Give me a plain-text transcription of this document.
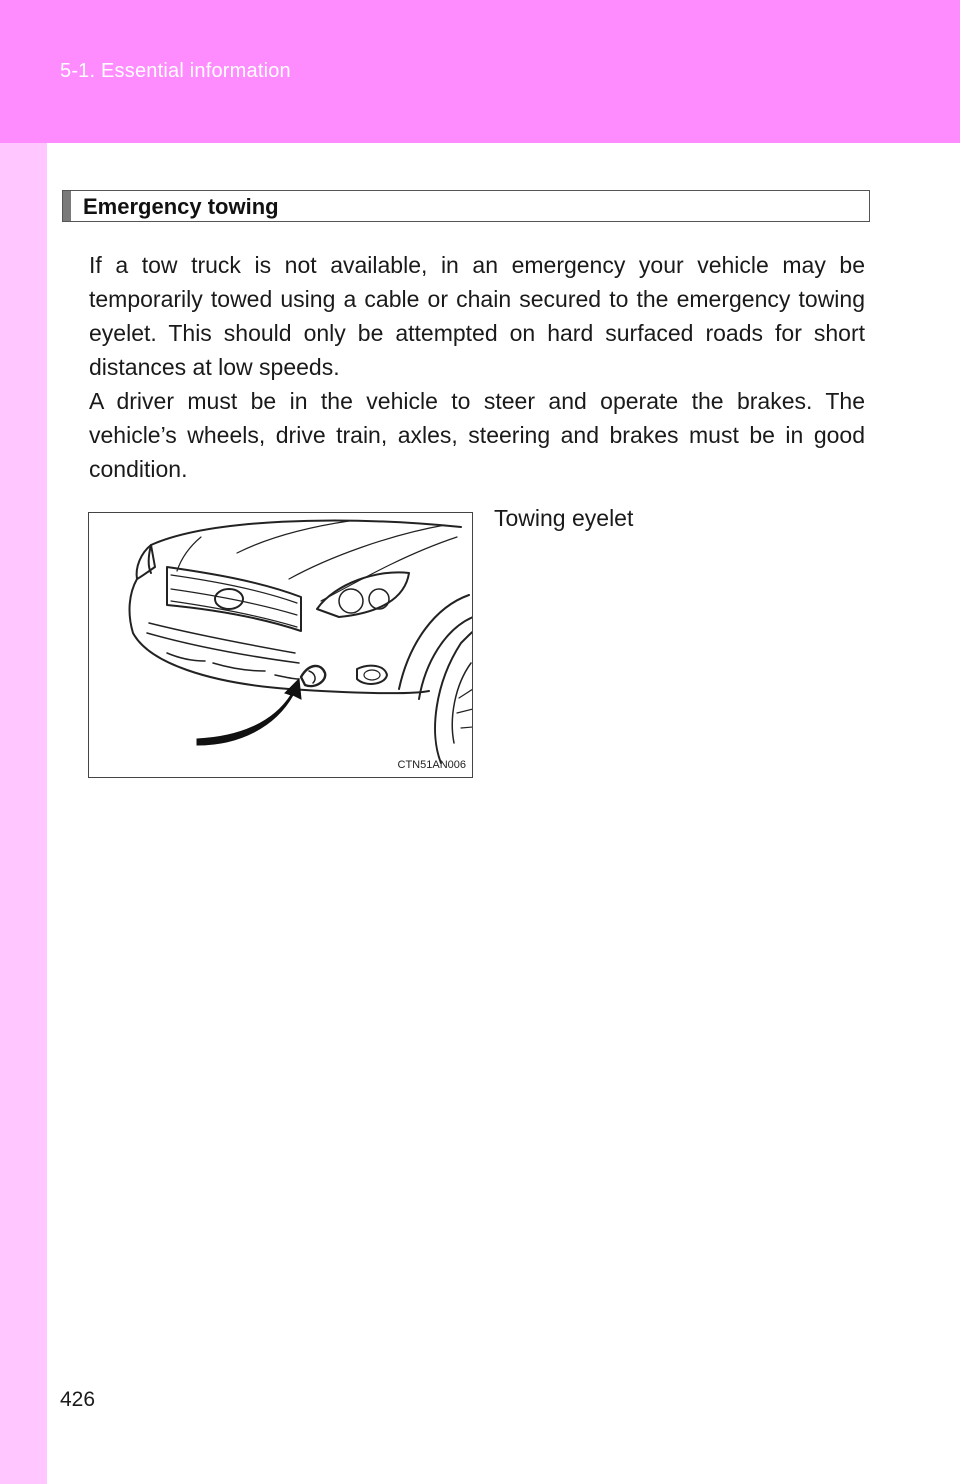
5-1. Essential information
Emergency towing

If a tow truck is not available, in an emergency your vehicle may be temporarily towed using a cable or chain secured to the emergency towing eyelet. This should only be attempted on hard surfaced roads for short distances at low speeds.

A driver must be in the vehicle to steer and operate the brakes. The vehicle’s wheels, drive train, axles, steering and brakes must be in good condition.

CTN51AN006
Towing eyelet
426
